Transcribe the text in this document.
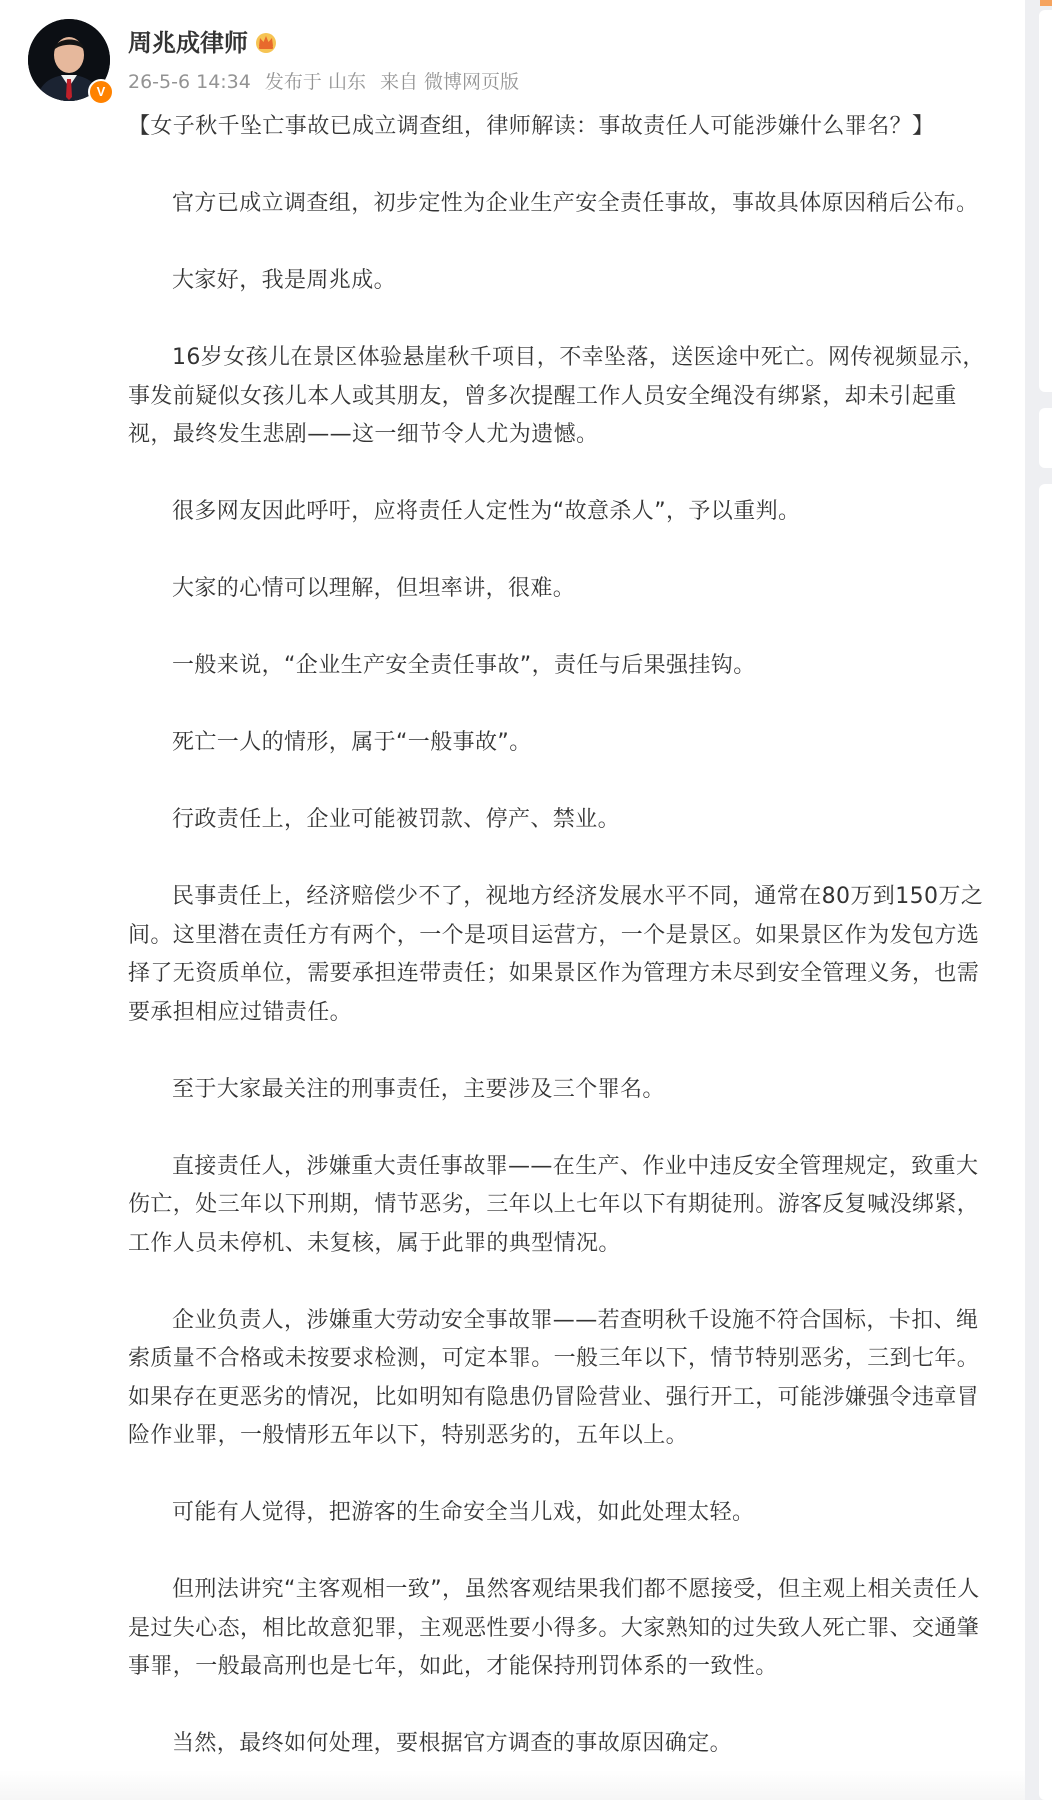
V
周兆成律师
26-5-6 14:34 发布于 山东 来自 微博网页版

【女子秋千坠亡事故已成立调查组，律师解读：事故责任人可能涉嫌什么罪名？】

官方已成立调查组，初步定性为企业生产安全责任事故，事故具体原因稍后公布。

大家好，我是周兆成。

16岁女孩儿在景区体验悬崖秋千项目，不幸坠落，送医途中死亡。网传视频显示，事发前疑似女孩儿本人或其朋友，曾多次提醒工作人员安全绳没有绑紧，却未引起重视，最终发生悲剧——这一细节令人尤为遗憾。

很多网友因此呼吁，应将责任人定性为“故意杀人”，予以重判。

大家的心情可以理解，但坦率讲，很难。

一般来说，“企业生产安全责任事故”，责任与后果强挂钩。

死亡一人的情形，属于“一般事故”。

行政责任上，企业可能被罚款、停产、禁业。

民事责任上，经济赔偿少不了，视地方经济发展水平不同，通常在80万到150万之间。这里潜在责任方有两个，一个是项目运营方，一个是景区。如果景区作为发包方选择了无资质单位，需要承担连带责任；如果景区作为管理方未尽到安全管理义务，也需要承担相应过错责任。

至于大家最关注的刑事责任，主要涉及三个罪名。

直接责任人，涉嫌重大责任事故罪——在生产、作业中违反安全管理规定，致重大伤亡，处三年以下刑期，情节恶劣，三年以上七年以下有期徒刑。游客反复喊没绑紧，工作人员未停机、未复核，属于此罪的典型情况。

企业负责人，涉嫌重大劳动安全事故罪——若查明秋千设施不符合国标，卡扣、绳索质量不合格或未按要求检测，可定本罪。一般三年以下，情节特别恶劣，三到七年。如果存在更恶劣的情况，比如明知有隐患仍冒险营业、强行开工，可能涉嫌强令违章冒险作业罪，一般情形五年以下，特别恶劣的，五年以上。

可能有人觉得，把游客的生命安全当儿戏，如此处理太轻。

但刑法讲究“主客观相一致”，虽然客观结果我们都不愿接受，但主观上相关责任人是过失心态，相比故意犯罪，主观恶性要小得多。大家熟知的过失致人死亡罪、交通肇事罪，一般最高刑也是七年，如此，才能保持刑罚体系的一致性。

当然，最终如何处理，要根据官方调查的事故原因确定。
